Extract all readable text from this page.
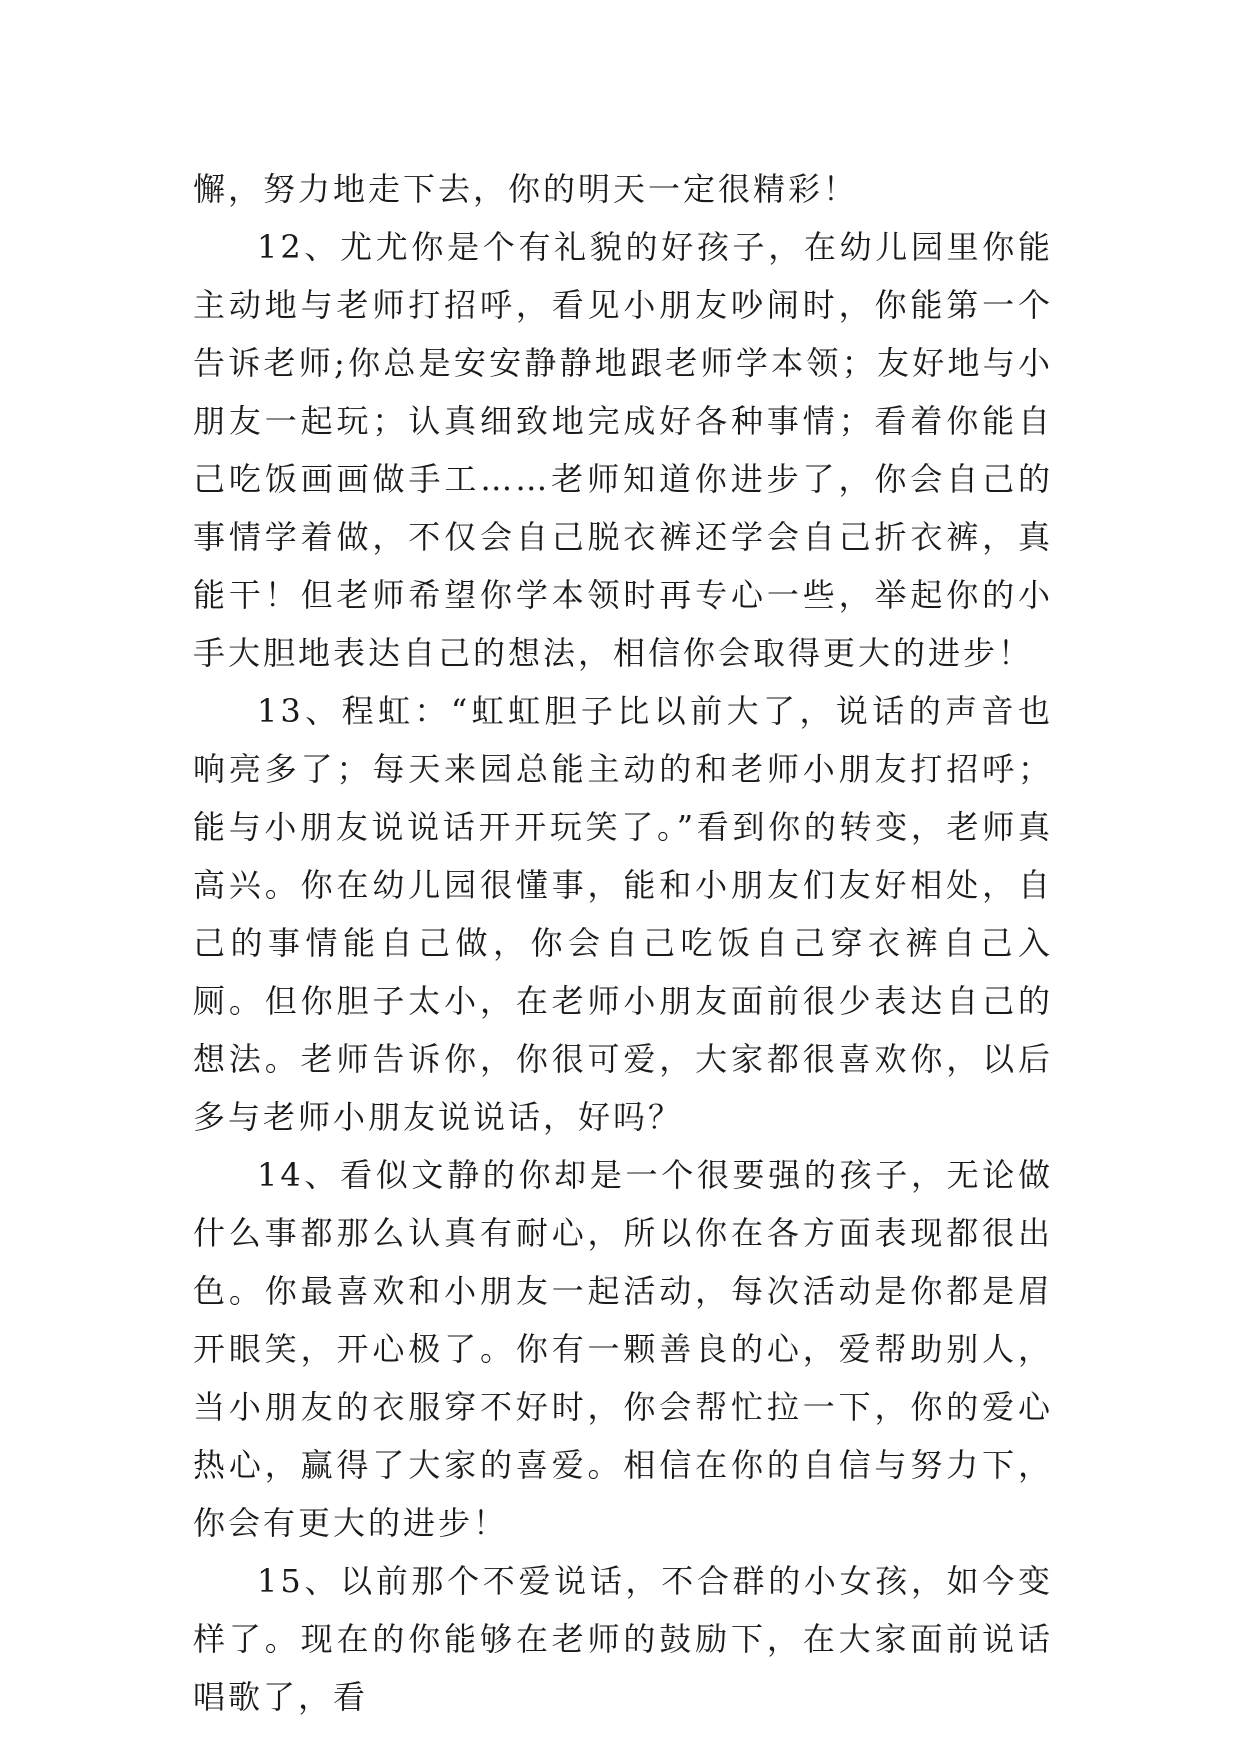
懈，努力地走下去，你的明天一定很精彩！

12、尤尤你是个有礼貌的好孩子，在幼儿园里你能主动地与老师打招呼，看见小朋友吵闹时，你能第一个告诉老师;你总是安安静静地跟老师学本领；友好地与小朋友一起玩；认真细致地完成好各种事情；看着你能自己吃饭画画做手工……老师知道你进步了，你会自己的事情学着做，不仅会自己脱衣裤还学会自己折衣裤，真能干！但老师希望你学本领时再专心一些，举起你的小手大胆地表达自己的想法，相信你会取得更大的进步！

13、程虹：“虹虹胆子比以前大了，说话的声音也响亮多了；每天来园总能主动的和老师小朋友打招呼；能与小朋友说说话开开玩笑了。”看到你的转变，老师真高兴。你在幼儿园很懂事，能和小朋友们友好相处，自己的事情能自己做，你会自己吃饭自己穿衣裤自己入厕。但你胆子太小，在老师小朋友面前很少表达自己的想法。老师告诉你，你很可爱，大家都很喜欢你，以后多与老师小朋友说说话，好吗？

14、看似文静的你却是一个很要强的孩子，无论做什么事都那么认真有耐心，所以你在各方面表现都很出色。你最喜欢和小朋友一起活动，每次活动是你都是眉开眼笑，开心极了。你有一颗善良的心，爱帮助别人，当小朋友的衣服穿不好时，你会帮忙拉一下，你的爱心热心，赢得了大家的喜爱。相信在你的自信与努力下，你会有更大的进步！

15、以前那个不爱说话，不合群的小女孩，如今变样了。现在的你能够在老师的鼓励下，在大家面前说话唱歌了，看
